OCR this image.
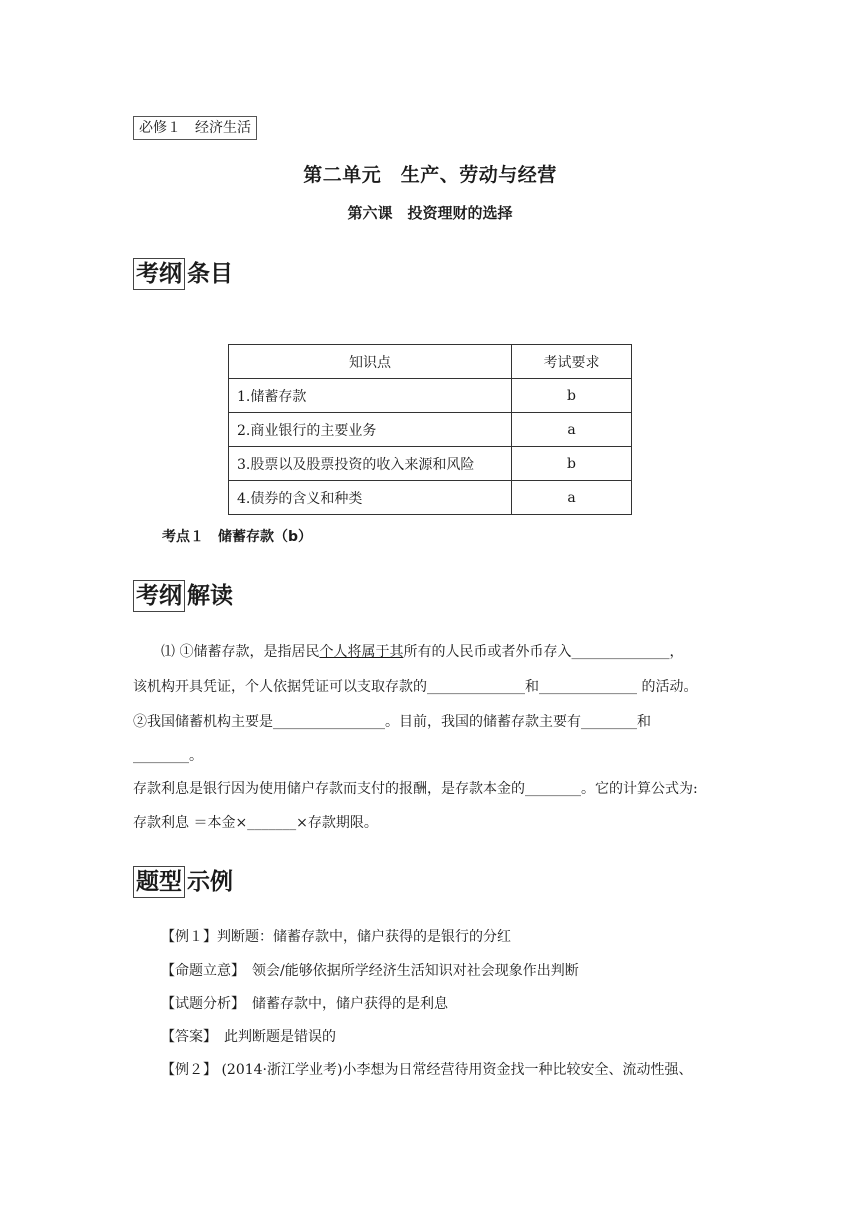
必修１　经济生活
第二单元　生产、劳动与经营
第六课　投资理财的选择
考纲 条目
知识点	考试要求
1.储蓄存款	b
2.商业银行的主要业务	a
3.股票以及股票投资的收入来源和风险	b
4.债券的含义和种类	a
考点１　储蓄存款（b）
考纲 解读
⑴ ①储蓄存款，是指居民个人将属于其所有的人民币或者外币存入______________，
该机构开具凭证，个人依据凭证可以支取存款的______________和______________ 的活动。
②我国储蓄机构主要是________________。目前，我国的储蓄存款主要有________和
________。
存款利息是银行因为使用储户存款而支付的报酬，是存款本金的________。它的计算公式为:
存款利息 ＝本金×_______×存款期限。
题型 示例
【例１】判断题：储蓄存款中，储户获得的是银行的分红
【命题立意】　领会/能够依据所学经济生活知识对社会现象作出判断
【试题分析】　储蓄存款中，储户获得的是利息
【答案】　此判断题是错误的
【例２】 (2014·浙江学业考)小李想为日常经营待用资金找一种比较安全、流动性强、
